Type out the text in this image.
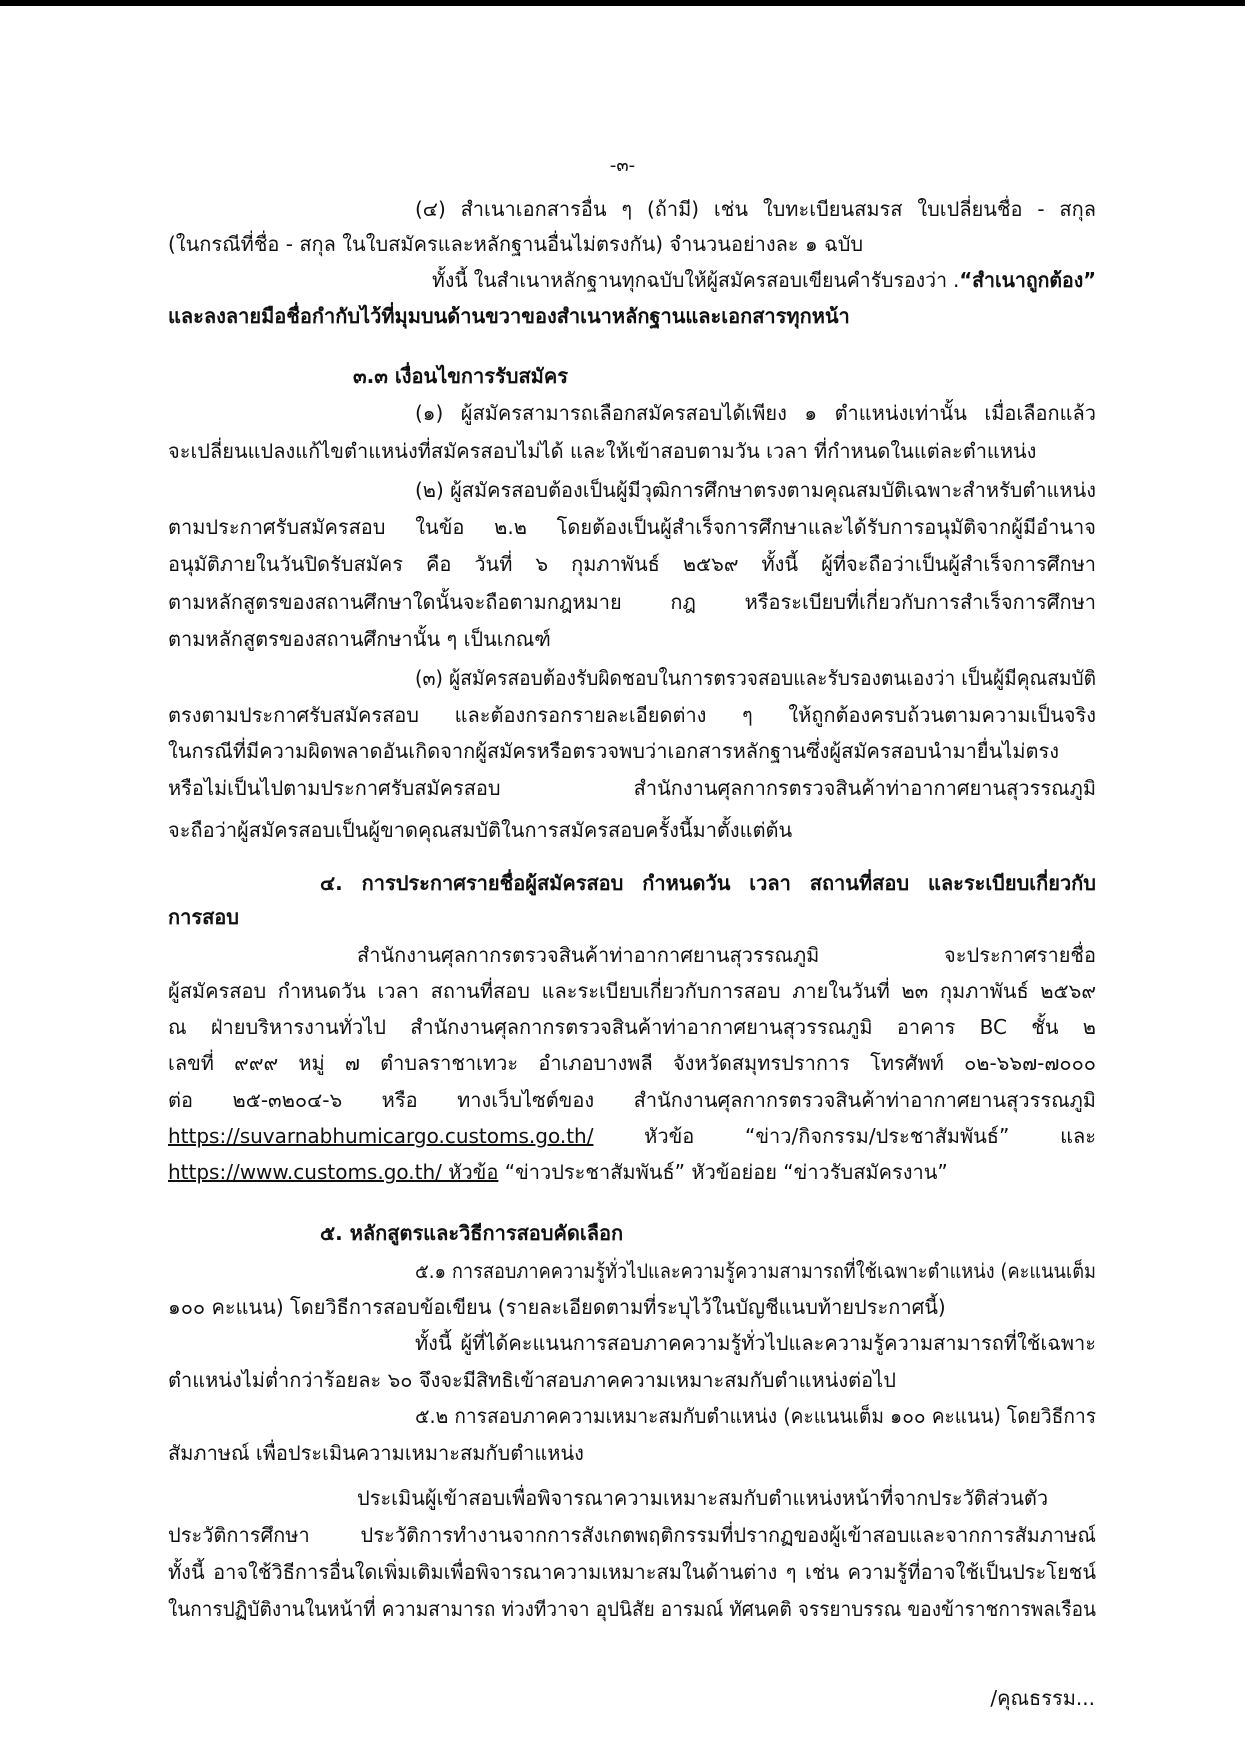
-๓-
(๔) สำเนาเอกสารอื่น ๆ (ถ้ามี) เช่น ใบทะเบียนสมรส ใบเปลี่ยนชื่อ - สกุล
(ในกรณีที่ชื่อ - สกุล ในใบสมัครและหลักฐานอื่นไม่ตรงกัน) จำนวนอย่างละ ๑ ฉบับ
ทั้งนี้ ในสำเนาหลักฐานทุกฉบับให้ผู้สมัครสอบเขียนคำรับรองว่า .“สำเนาถูกต้อง”
และลงลายมือชื่อกำกับไว้ที่มุมบนด้านขวาของสำเนาหลักฐานและเอกสารทุกหน้า
๓.๓ เงื่อนไขการรับสมัคร
(๑) ผู้สมัครสามารถเลือกสมัครสอบได้เพียง ๑ ตำแหน่งเท่านั้น เมื่อเลือกแล้ว
จะเปลี่ยนแปลงแก้ไขตำแหน่งที่สมัครสอบไม่ได้ และให้เข้าสอบตามวัน เวลา ที่กำหนดในแต่ละตำแหน่ง
(๒) ผู้สมัครสอบต้องเป็นผู้มีวุฒิการศึกษาตรงตามคุณสมบัติเฉพาะสำหรับตำแหน่ง
ตามประกาศรับสมัครสอบ ในข้อ ๒.๒ โดยต้องเป็นผู้สำเร็จการศึกษาและได้รับการอนุมัติจากผู้มีอำนาจ
อนุมัติภายในวันปิดรับสมัคร คือ วันที่ ๖ กุมภาพันธ์ ๒๕๖๙ ทั้งนี้ ผู้ที่จะถือว่าเป็นผู้สำเร็จการศึกษา
ตามหลักสูตรของสถานศึกษาใดนั้นจะถือตามกฎหมาย กฎ หรือระเบียบที่เกี่ยวกับการสำเร็จการศึกษา
ตามหลักสูตรของสถานศึกษานั้น ๆ เป็นเกณฑ์
(๓) ผู้สมัครสอบต้องรับผิดชอบในการตรวจสอบและรับรองตนเองว่า เป็นผู้มีคุณสมบัติ
ตรงตามประกาศรับสมัครสอบ และต้องกรอกรายละเอียดต่าง ๆ ให้ถูกต้องครบถ้วนตามความเป็นจริง
ในกรณีที่มีความผิดพลาดอันเกิดจากผู้สมัครหรือตรวจพบว่าเอกสารหลักฐานซึ่งผู้สมัครสอบนำมายื่นไม่ตรง
หรือไม่เป็นไปตามประกาศรับสมัครสอบ สำนักงานศุลกากรตรวจสินค้าท่าอากาศยานสุวรรณภูมิ
จะถือว่าผู้สมัครสอบเป็นผู้ขาดคุณสมบัติในการสมัครสอบครั้งนี้มาตั้งแต่ต้น
๔. การประกาศรายชื่อผู้สมัครสอบ กำหนดวัน เวลา สถานที่สอบ และระเบียบเกี่ยวกับ
การสอบ
สำนักงานศุลกากรตรวจสินค้าท่าอากาศยานสุวรรณภูมิ จะประกาศรายชื่อ
ผู้สมัครสอบ กำหนดวัน เวลา สถานที่สอบ และระเบียบเกี่ยวกับการสอบ ภายในวันที่ ๒๓ กุมภาพันธ์ ๒๕๖๙
ณ ฝ่ายบริหารงานทั่วไป สำนักงานศุลกากรตรวจสินค้าท่าอากาศยานสุวรรณภูมิ อาคาร BC ชั้น ๒
เลขที่ ๙๙๙ หมู่ ๗ ตำบลราชาเทวะ อำเภอบางพลี จังหวัดสมุทรปราการ โทรศัพท์ ๐๒-๖๖๗-๗๐๐๐
ต่อ ๒๕-๓๒๐๔-๖ หรือ ทางเว็บไซต์ของ สำนักงานศุลกากรตรวจสินค้าท่าอากาศยานสุวรรณภูมิ
https://suvarnabhumicargo.customs.go.th/ หัวข้อ “ข่าว/กิจกรรม/ประชาสัมพันธ์” และ
https://www.customs.go.th/ หัวข้อ “ข่าวประชาสัมพันธ์” หัวข้อย่อย “ข่าวรับสมัครงาน”
๕. หลักสูตรและวิธีการสอบคัดเลือก
๕.๑ การสอบภาคความรู้ทั่วไปและความรู้ความสามารถที่ใช้เฉพาะตำแหน่ง (คะแนนเต็ม
๑๐๐ คะแนน) โดยวิธีการสอบข้อเขียน (รายละเอียดตามที่ระบุไว้ในบัญชีแนบท้ายประกาศนี้)
ทั้งนี้ ผู้ที่ได้คะแนนการสอบภาคความรู้ทั่วไปและความรู้ความสามารถที่ใช้เฉพาะ
ตำแหน่งไม่ต่ำกว่าร้อยละ ๖๐ จึงจะมีสิทธิเข้าสอบภาคความเหมาะสมกับตำแหน่งต่อไป
๕.๒ การสอบภาคความเหมาะสมกับตำแหน่ง (คะแนนเต็ม ๑๐๐ คะแนน) โดยวิธีการ
สัมภาษณ์ เพื่อประเมินความเหมาะสมกับตำแหน่ง
ประเมินผู้เข้าสอบเพื่อพิจารณาความเหมาะสมกับตำแหน่งหน้าที่จากประวัติส่วนตัว
ประวัติการศึกษา ประวัติการทำงานจากการสังเกตพฤติกรรมที่ปรากฏของผู้เข้าสอบและจากการสัมภาษณ์
ทั้งนี้ อาจใช้วิธีการอื่นใดเพิ่มเติมเพื่อพิจารณาความเหมาะสมในด้านต่าง ๆ เช่น ความรู้ที่อาจใช้เป็นประโยชน์
ในการปฏิบัติงานในหน้าที่ ความสามารถ ท่วงทีวาจา อุปนิสัย อารมณ์ ทัศนคติ จรรยาบรรณ ของข้าราชการพลเรือน
/คุณธรรม...
